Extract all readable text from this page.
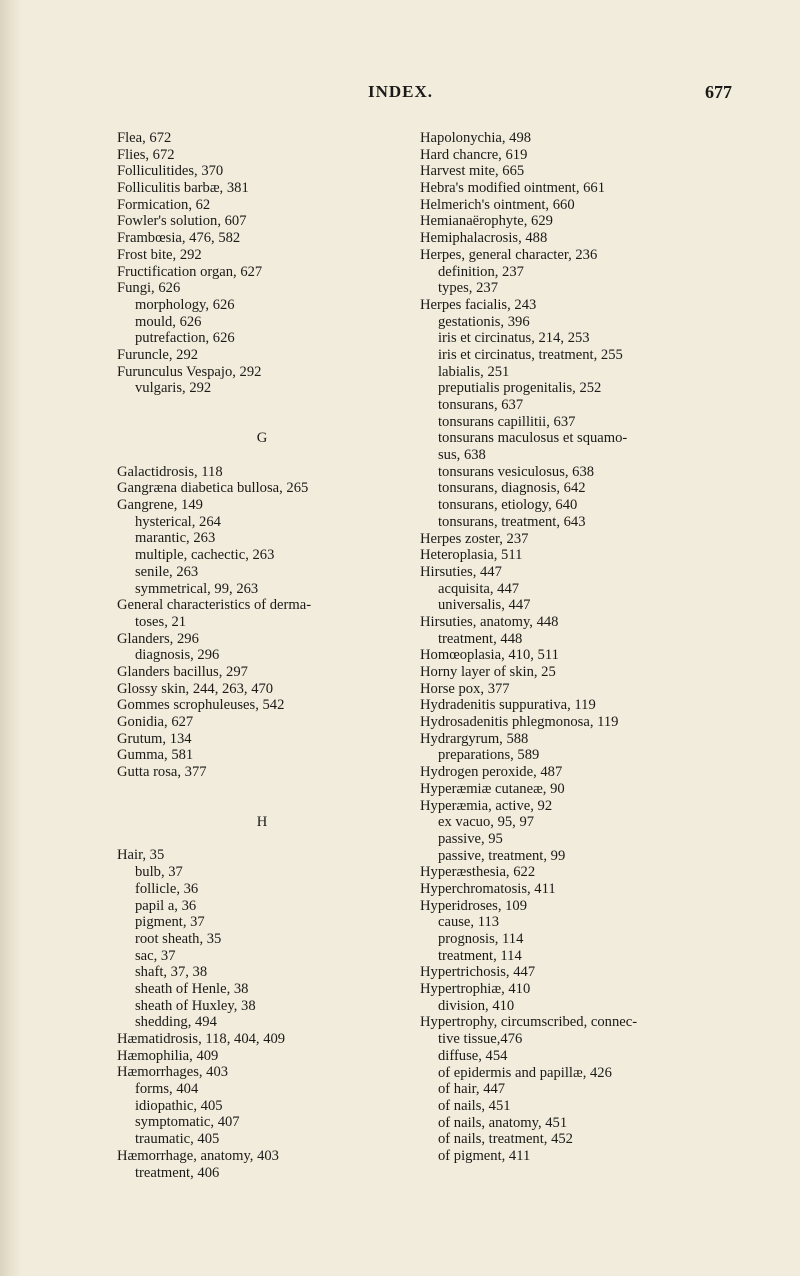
INDEX.	677
Flea, 672
Flies, 672
Folliculitides, 370
Folliculitis barbæ, 381
Formication, 62
Fowler's solution, 607
Frambœsia, 476, 582
Frost bite, 292
Fructification organ, 627
Fungi, 626
morphology, 626
mould, 626
putrefaction, 626
Furuncle, 292
Furunculus Vespajo, 292
vulgaris, 292
G
Galactidrosis, 118
Gangræna diabetica bullosa, 265
Gangrene, 149
hysterical, 264
marantic, 263
multiple, cachectic, 263
senile, 263
symmetrical, 99, 263
General characteristics of derma-
toses, 21
Glanders, 296
diagnosis, 296
Glanders bacillus, 297
Glossy skin, 244, 263, 470
Gommes scrophuleuses, 542
Gonidia, 627
Grutum, 134
Gumma, 581
Gutta rosa, 377
H
Hair, 35
bulb, 37
follicle, 36
papil a, 36
pigment, 37
root sheath, 35
sac, 37
shaft, 37, 38
sheath of Henle, 38
sheath of Huxley, 38
shedding, 494
Hæmatidrosis, 118, 404, 409
Hæmophilia, 409
Hæmorrhages, 403
forms, 404
idiopathic, 405
symptomatic, 407
traumatic, 405
Hæmorrhage, anatomy, 403
treatment, 406
Hapolonychia, 498
Hard chancre, 619
Harvest mite, 665
Hebra's modified ointment, 661
Helmerich's ointment, 660
Hemianaërophyte, 629
Hemiphalacrosis, 488
Herpes, general character, 236
definition, 237
types, 237
Herpes facialis, 243
gestationis, 396
iris et circinatus, 214, 253
iris et circinatus, treatment, 255
labialis, 251
preputialis progenitalis, 252
tonsurans, 637
tonsurans capillitii, 637
tonsurans maculosus et squamo-
sus, 638
tonsurans vesiculosus, 638
tonsurans, diagnosis, 642
tonsurans, etiology, 640
tonsurans, treatment, 643
Herpes zoster, 237
Heteroplasia, 511
Hirsuties, 447
acquisita, 447
universalis, 447
Hirsuties, anatomy, 448
treatment, 448
Homœoplasia, 410, 511
Horny layer of skin, 25
Horse pox, 377
Hydradenitis suppurativa, 119
Hydrosadenitis phlegmonosa, 119
Hydrargyrum, 588
preparations, 589
Hydrogen peroxide, 487
Hyperæmiæ cutaneæ, 90
Hyperæmia, active, 92
ex vacuo, 95, 97
passive, 95
passive, treatment, 99
Hyperæsthesia, 622
Hyperchromatosis, 411
Hyperidroses, 109
cause, 113
prognosis, 114
treatment, 114
Hypertrichosis, 447
Hypertrophiæ, 410
division, 410
Hypertrophy, circumscribed, connec-
tive tissue,476
diffuse, 454
of epidermis and papillæ, 426
of hair, 447
of nails, 451
of nails, anatomy, 451
of nails, treatment, 452
of pigment, 411
